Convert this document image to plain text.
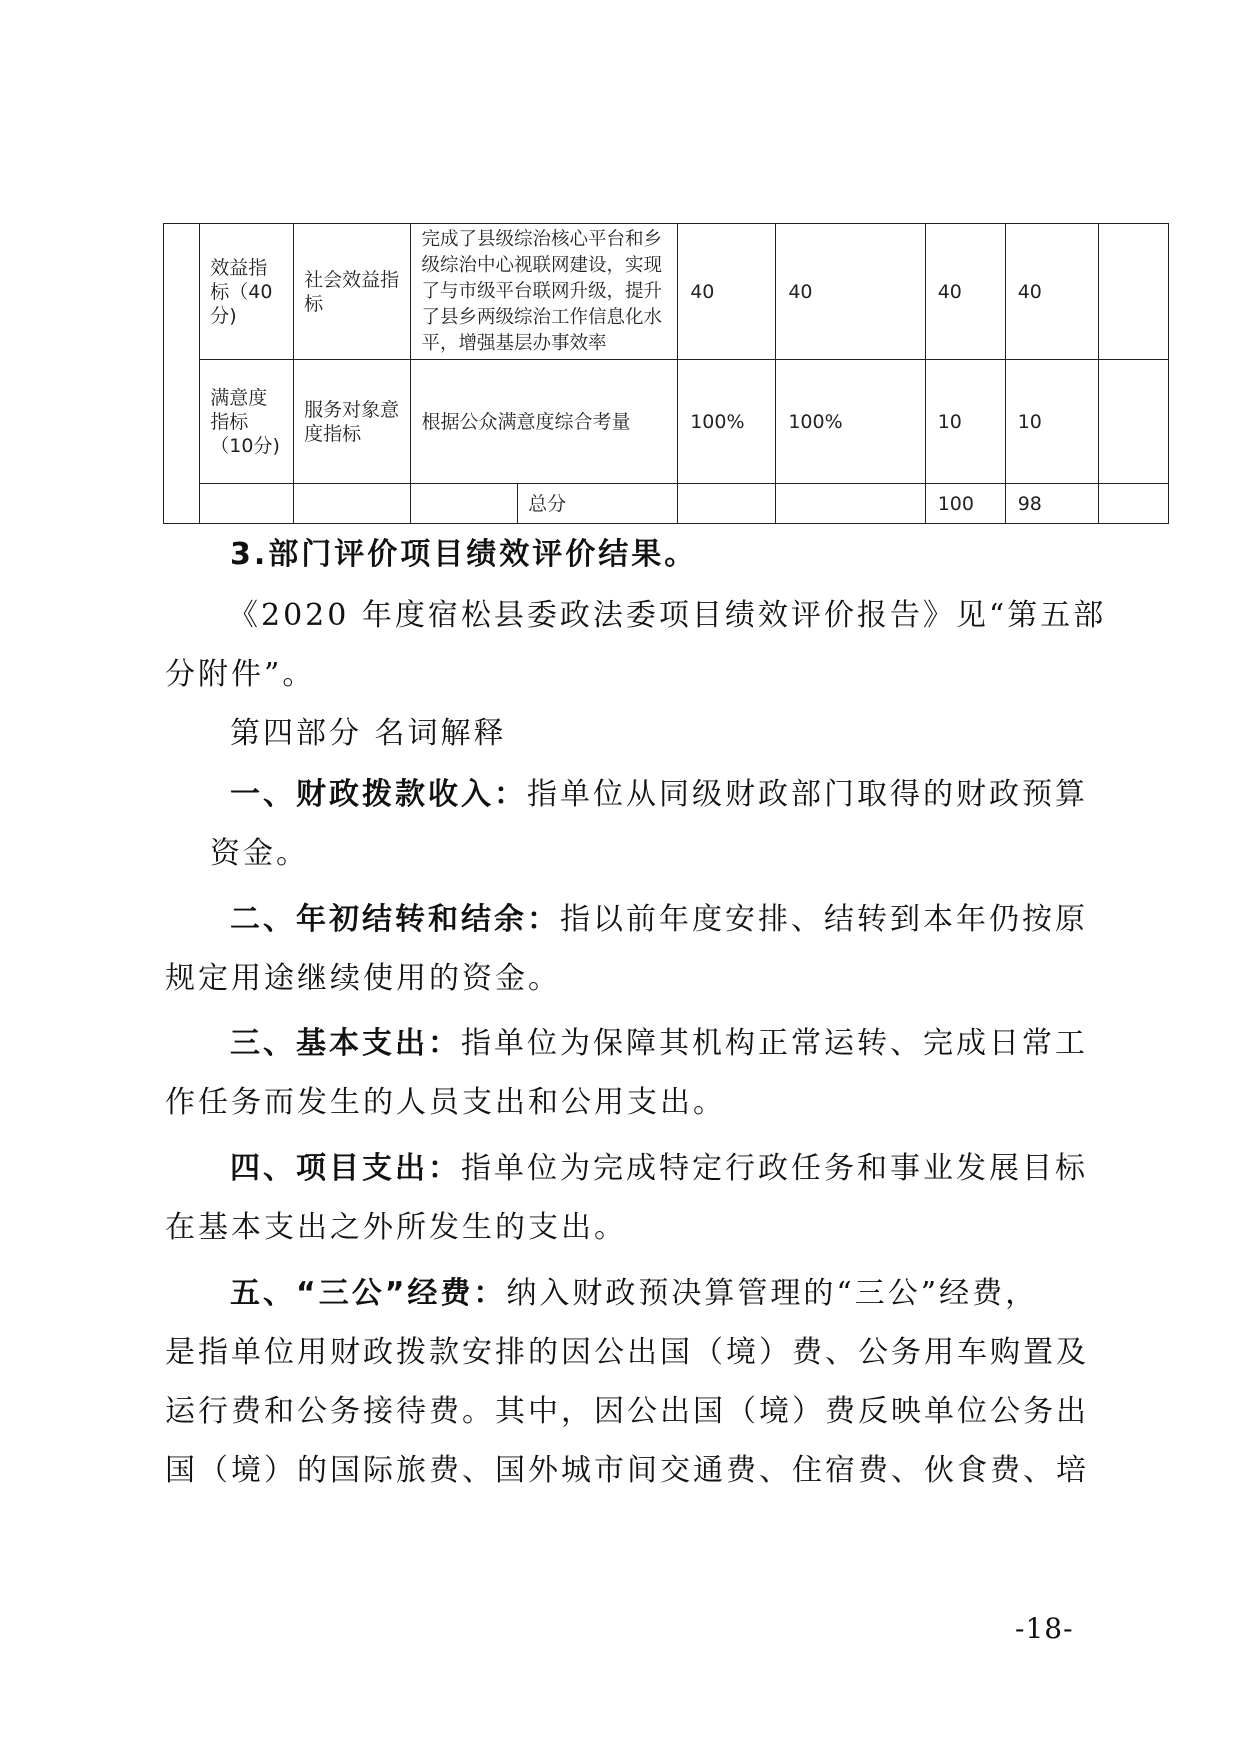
	效益指标（40分)	社会效益指标	完成了县级综治核心平台和乡级综治中心视联网建设，实现了与市级平台联网升级，提升了县乡两级综治工作信息化水平，增强基层办事效率		40	40	40	40	
	满意度指标（10分)	服务对象意度指标	根据公众满意度综合考量		100%	100%	10	10	
				总分			100	98	
3.部门评价项目绩效评价结果。
《2020 年度宿松县委政法委项目绩效评价报告》见“第五部
分附件”。
第四部分 名词解释
一、财政拨款收入：指单位从同级财政部门取得的财政预算
资金。
二、年初结转和结余：指以前年度安排、结转到本年仍按原
规定用途继续使用的资金。
三、基本支出：指单位为保障其机构正常运转、完成日常工
作任务而发生的人员支出和公用支出。
四、项目支出：指单位为完成特定行政任务和事业发展目标
在基本支出之外所发生的支出。
五、“三公”经费：纳入财政预决算管理的“三公”经费，
是指单位用财政拨款安排的因公出国（境）费、公务用车购置及
运行费和公务接待费。其中，因公出国（境）费反映单位公务出
国（境）的国际旅费、国外城市间交通费、住宿费、伙食费、培
-18-
